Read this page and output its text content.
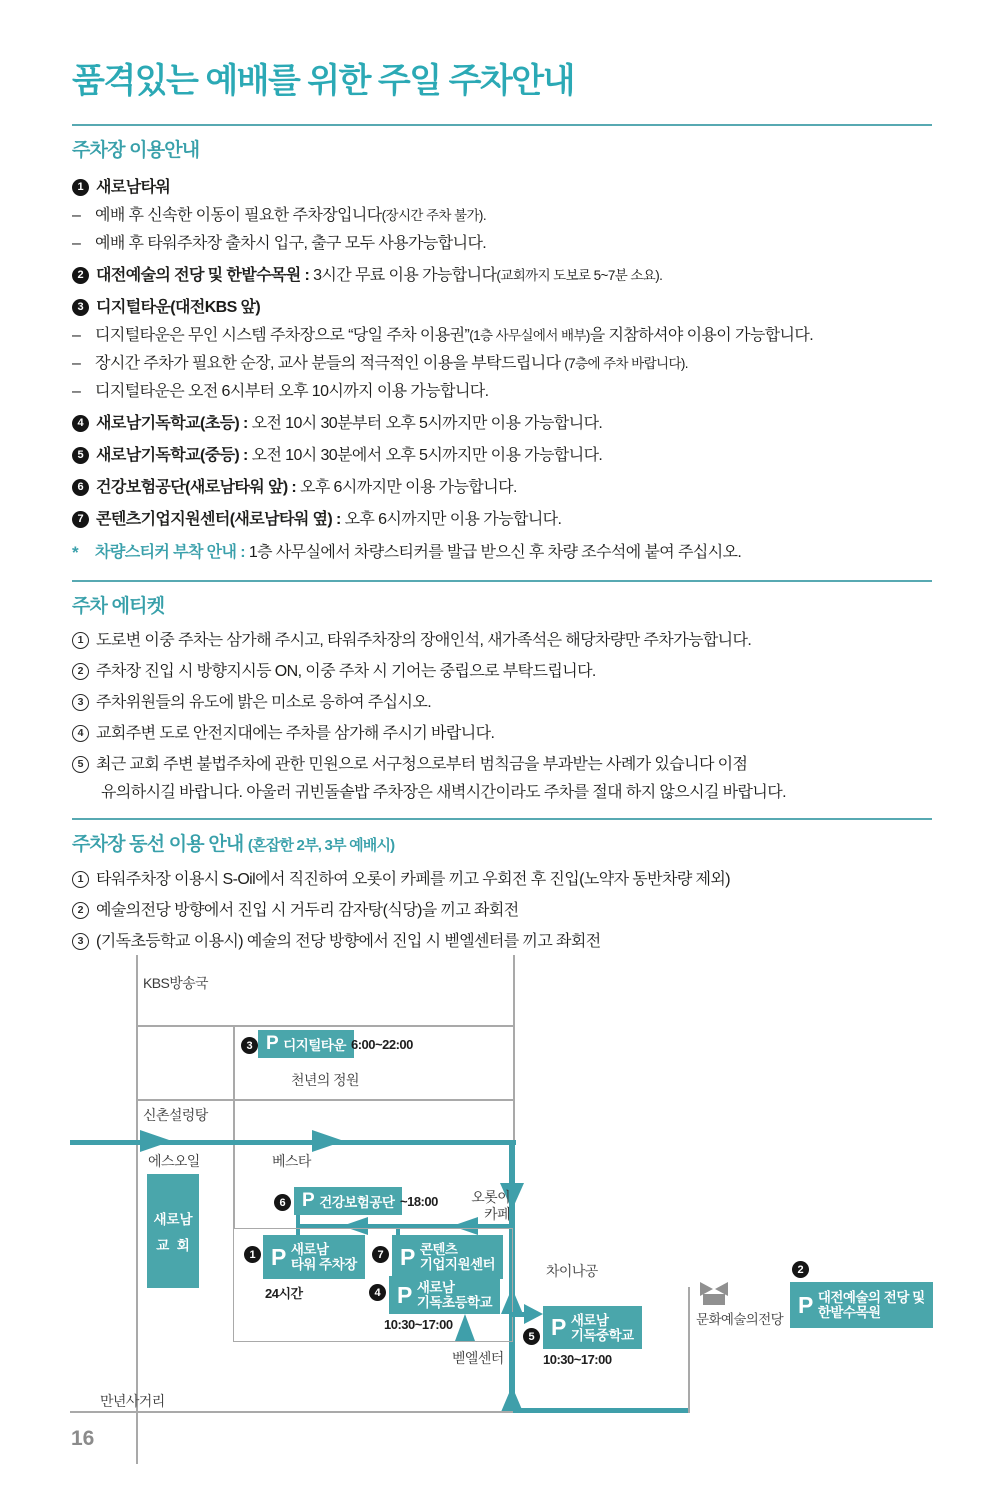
품격있는 예배를 위한 주일 주차안내
주차장 이용안내
1 새로남타워
– 예배 후 신속한 이동이 필요한 주차장입니다(장시간 주차 불가).
– 예배 후 타워주차장 출차시 입구, 출구 모두 사용가능합니다.
2 대전예술의 전당 및 한밭수목원 : 3시간 무료 이용 가능합니다(교회까지 도보로 5~7분 소요).
3 디지털타운(대전KBS 앞)
– 디지털타운은 무인 시스템 주차장으로 “당일 주차 이용권”(1층 사무실에서 배부)을 지참하셔야 이용이 가능합니다.
– 장시간 주차가 필요한 순장, 교사 분들의 적극적인 이용을 부탁드립니다 (7층에 주차 바랍니다).
– 디지털타운은 오전 6시부터 오후 10시까지 이용 가능합니다.
4 새로남기독학교(초등) : 오전 10시 30분부터 오후 5시까지만 이용 가능합니다.
5 새로남기독학교(중등) : 오전 10시 30분에서 오후 5시까지만 이용 가능합니다.
6 건강보험공단(새로남타워 앞) : 오후 6시까지만 이용 가능합니다.
7 콘텐츠기업지원센터(새로남타워 옆) : 오후 6시까지만 이용 가능합니다.
*	차량스티커 부착 안내 : 1층 사무실에서 차량스티커를 발급 받으신 후 차량 조수석에 붙여 주십시오.
주차 에티켓
1 도로변 이중 주차는 삼가해 주시고, 타워주차장의 장애인석, 새가족석은 해당차량만 주차가능합니다.
2 주차장 진입 시 방향지시등 ON, 이중 주차 시 기어는 중립으로 부탁드립니다.
3 주차위원들의 유도에 밝은 미소로 응하여 주십시오.
4 교회주변 도로 안전지대에는 주차를 삼가해 주시기 바랍니다.
5 최근 교회 주변 불법주차에 관한 민원으로 서구청으로부터 범칙금을 부과받는 사례가 있습니다 이점
유의하시길 바랍니다. 아울러 귀빈돌솥밥 주차장은 새벽시간이라도 주차를 절대 하지 않으시길 바랍니다.
주차장 동선 이용 안내 (혼잡한 2부, 3부 예배시)
1 타워주차장 이용시 S-Oil에서 직진하여 오롯이 카페를 끼고 우회전 후 진입(노약자 동반차량 제외)
2 예술의전당 방향에서 진입 시 거두리 감자탕(식당)을 끼고 좌회전
3 (기독초등학교 이용시) 예술의 전당 방향에서 진입 시 벧엘센터를 끼고 좌회전
KBS방송국
천년의 정원
신촌설렁탕
에스오일	베스타
오롯이
카페
차이나공
벧엘센터
문화예술의전당
만년사거리
새로남
교  회
3
6
1	7
4
5
2
P 디지털타운
P 건강보험공단
P 새로남
타워 주차장 P 콘텐츠
기업지원센터
P 새로남
기독초등학교
P 새로남
기독중학교
P 대전예술의 전당 및
한밭수목원
6:00~22:00
~18:00
24시간
10:30~17:00
10:30~17:00
16
